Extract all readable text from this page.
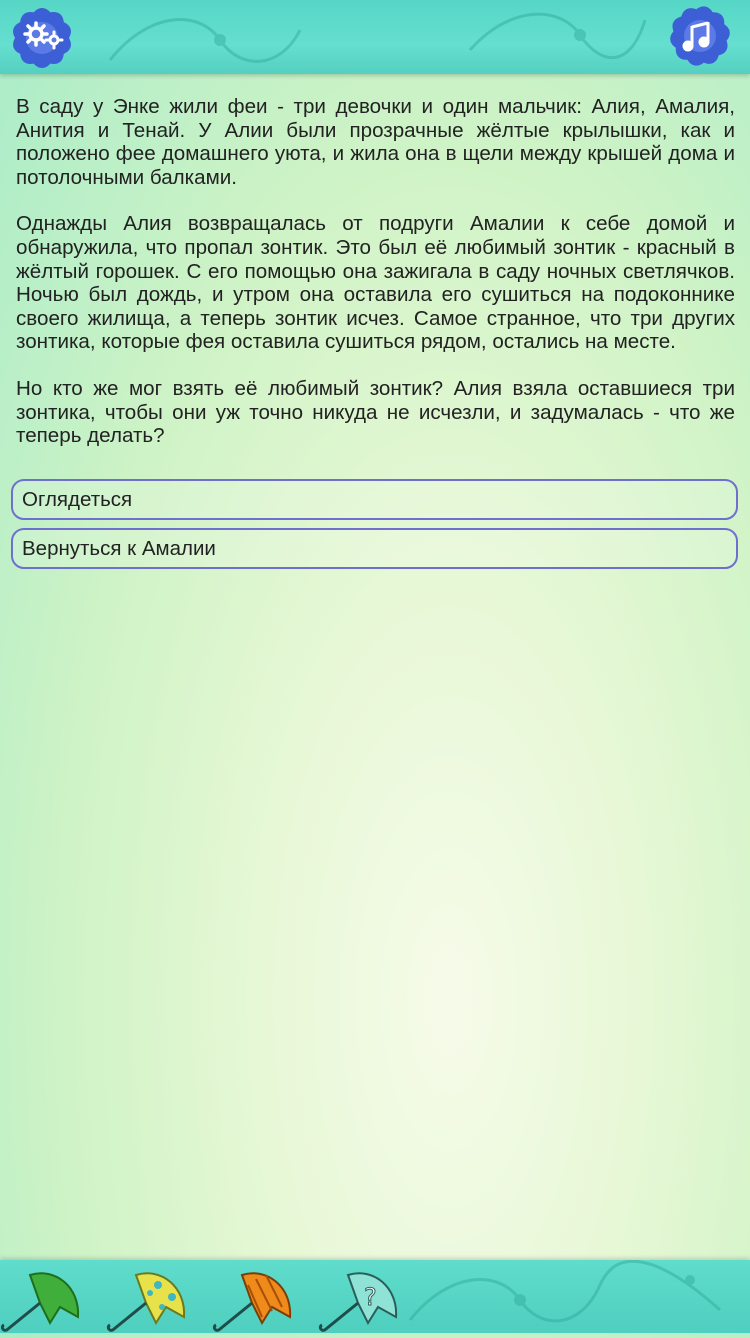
В саду у Энке жили феи - три девочки и один мальчик: Алия, Амалия, Анития и Тенай. У Алии были прозрачные жёлтые крылышки, как и положено фее домашнего уюта, и жила она в щели между крышей дома и потолочными балками.

Однажды Алия возвращалась от подруги Амалии к себе домой и обнаружила, что пропал зонтик. Это был её любимый зонтик - красный в жёлтый горошек. С его помощью она зажигала в саду ночных светлячков. Ночью был дождь, и утром она оставила его сушиться на подоконнике своего жилища, а теперь зонтик исчез. Самое странное, что три других зонтика, которые фея оставила сушиться рядом, остались на месте.

Но кто же мог взять её любимый зонтик? Алия взяла оставшиеся три зонтика, чтобы они уж точно никуда не исчезли, и задумалась - что же теперь делать?

Оглядеться
Вернуться к Амалии
?
